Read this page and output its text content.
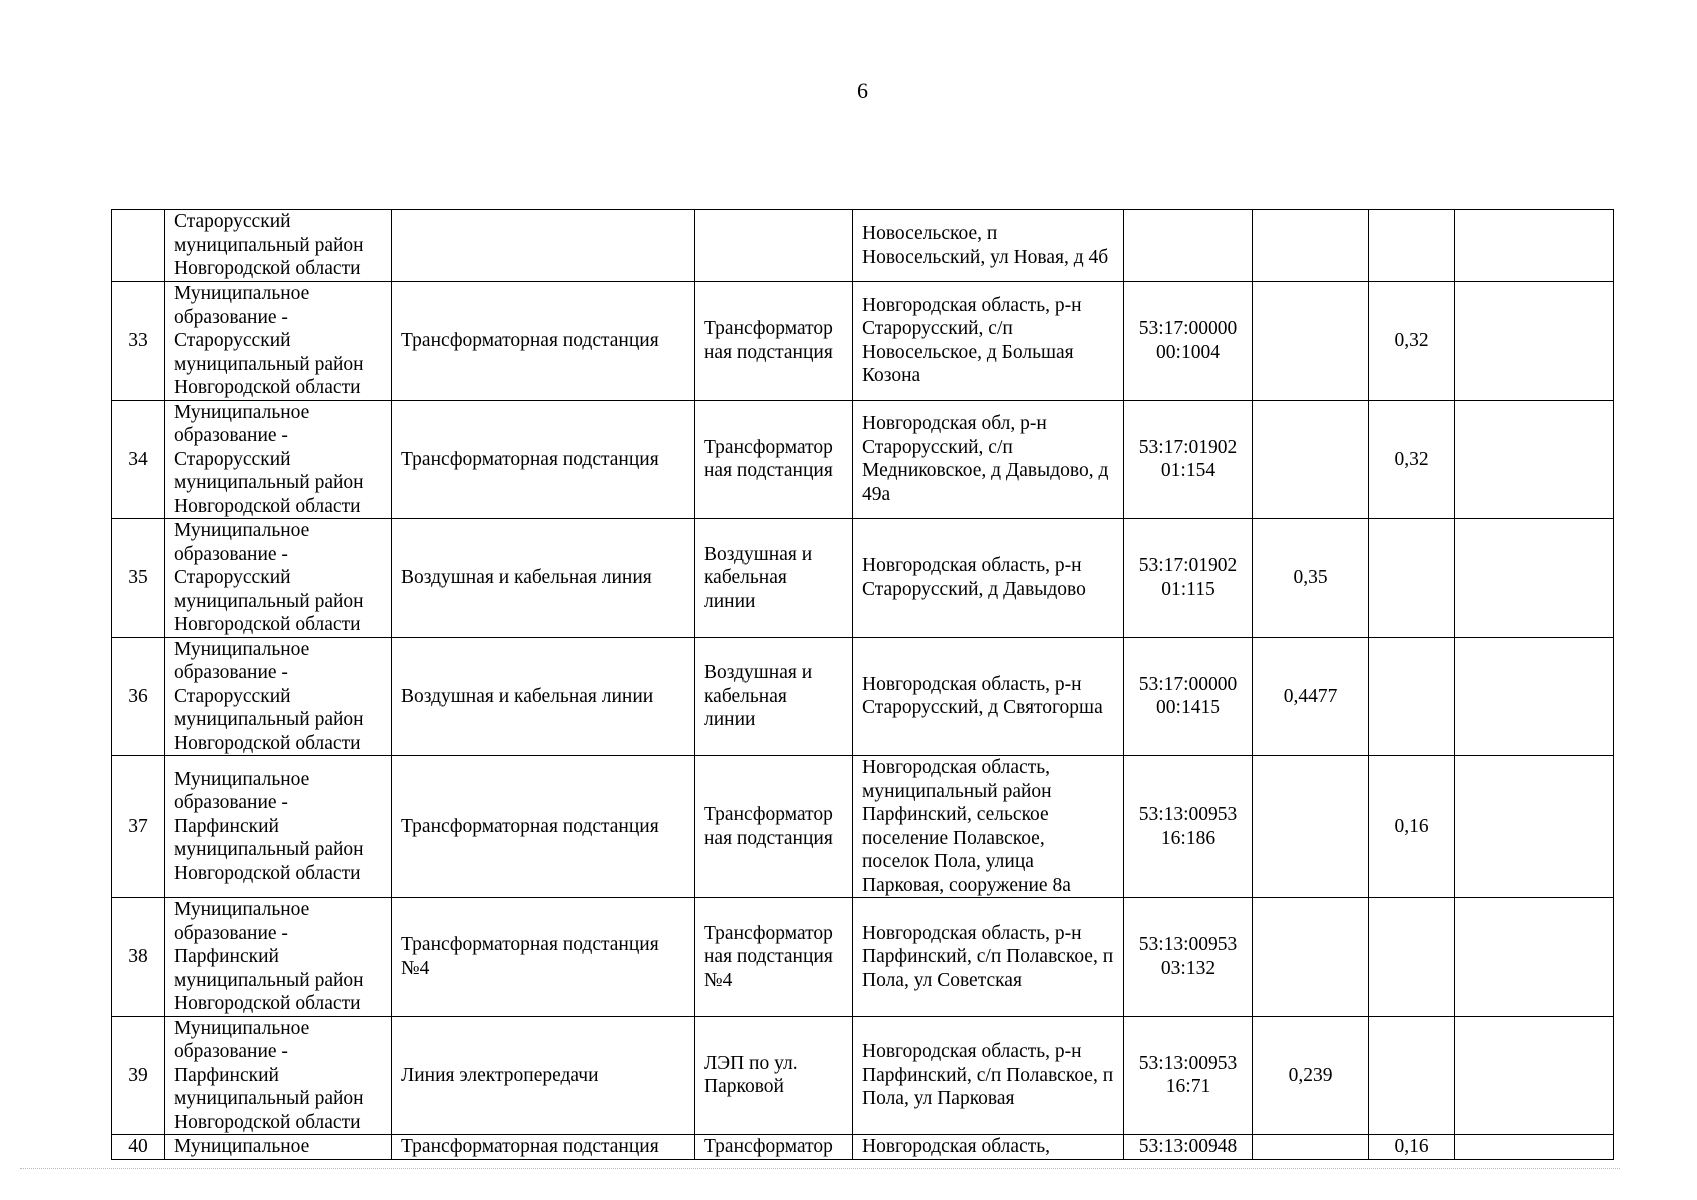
6
	Старорусский муниципальный район Новгородской области			Новосельское, п Новосельский, ул Новая, д 4б				
33	Муниципальное образование - Старорусский муниципальный район Новгородской области	Трансформаторная подстанция	Трансформатор ная подстанция	Новгородская область, р-н Старорусский, с/п Новосельское, д Большая Козона	53:17:00000 00:1004		0,32	
34	Муниципальное образование - Старорусский муниципальный район Новгородской области	Трансформаторная подстанция	Трансформатор ная подстанция	Новгородская обл, р-н Старорусский, с/п Медниковское, д Давыдово, д 49а	53:17:01902 01:154		0,32	
35	Муниципальное образование - Старорусский муниципальный район Новгородской области	Воздушная и кабельная линия	Воздушная и кабельная линии	Новгородская область, р-н Старорусский, д Давыдово	53:17:01902 01:115	0,35		
36	Муниципальное образование - Старорусский муниципальный район Новгородской области	Воздушная и кабельная линии	Воздушная и кабельная линии	Новгородская область, р-н Старорусский, д Святогорша	53:17:00000 00:1415	0,4477		
37	Муниципальное образование - Парфинский муниципальный район Новгородской области	Трансформаторная подстанция	Трансформатор ная подстанция	Новгородская область, муниципальный район Парфинский, сельское поселение Полавское, поселок Пола, улица Парковая, сооружение 8а	53:13:00953 16:186		0,16	
38	Муниципальное образование - Парфинский муниципальный район Новгородской области	Трансформаторная подстанция №4	Трансформатор ная подстанция №4	Новгородская область, р-н Парфинский, с/п Полавское, п Пола, ул Советская	53:13:00953 03:132			
39	Муниципальное образование - Парфинский муниципальный район Новгородской области	Линия электропередачи	ЛЭП по ул. Парковой	Новгородская область, р-н Парфинский, с/п Полавское, п Пола, ул Парковая	53:13:00953 16:71	0,239		
40	Муниципальное	Трансформаторная подстанция	Трансформатор	Новгородская область,	53:13:00948		0,16	
